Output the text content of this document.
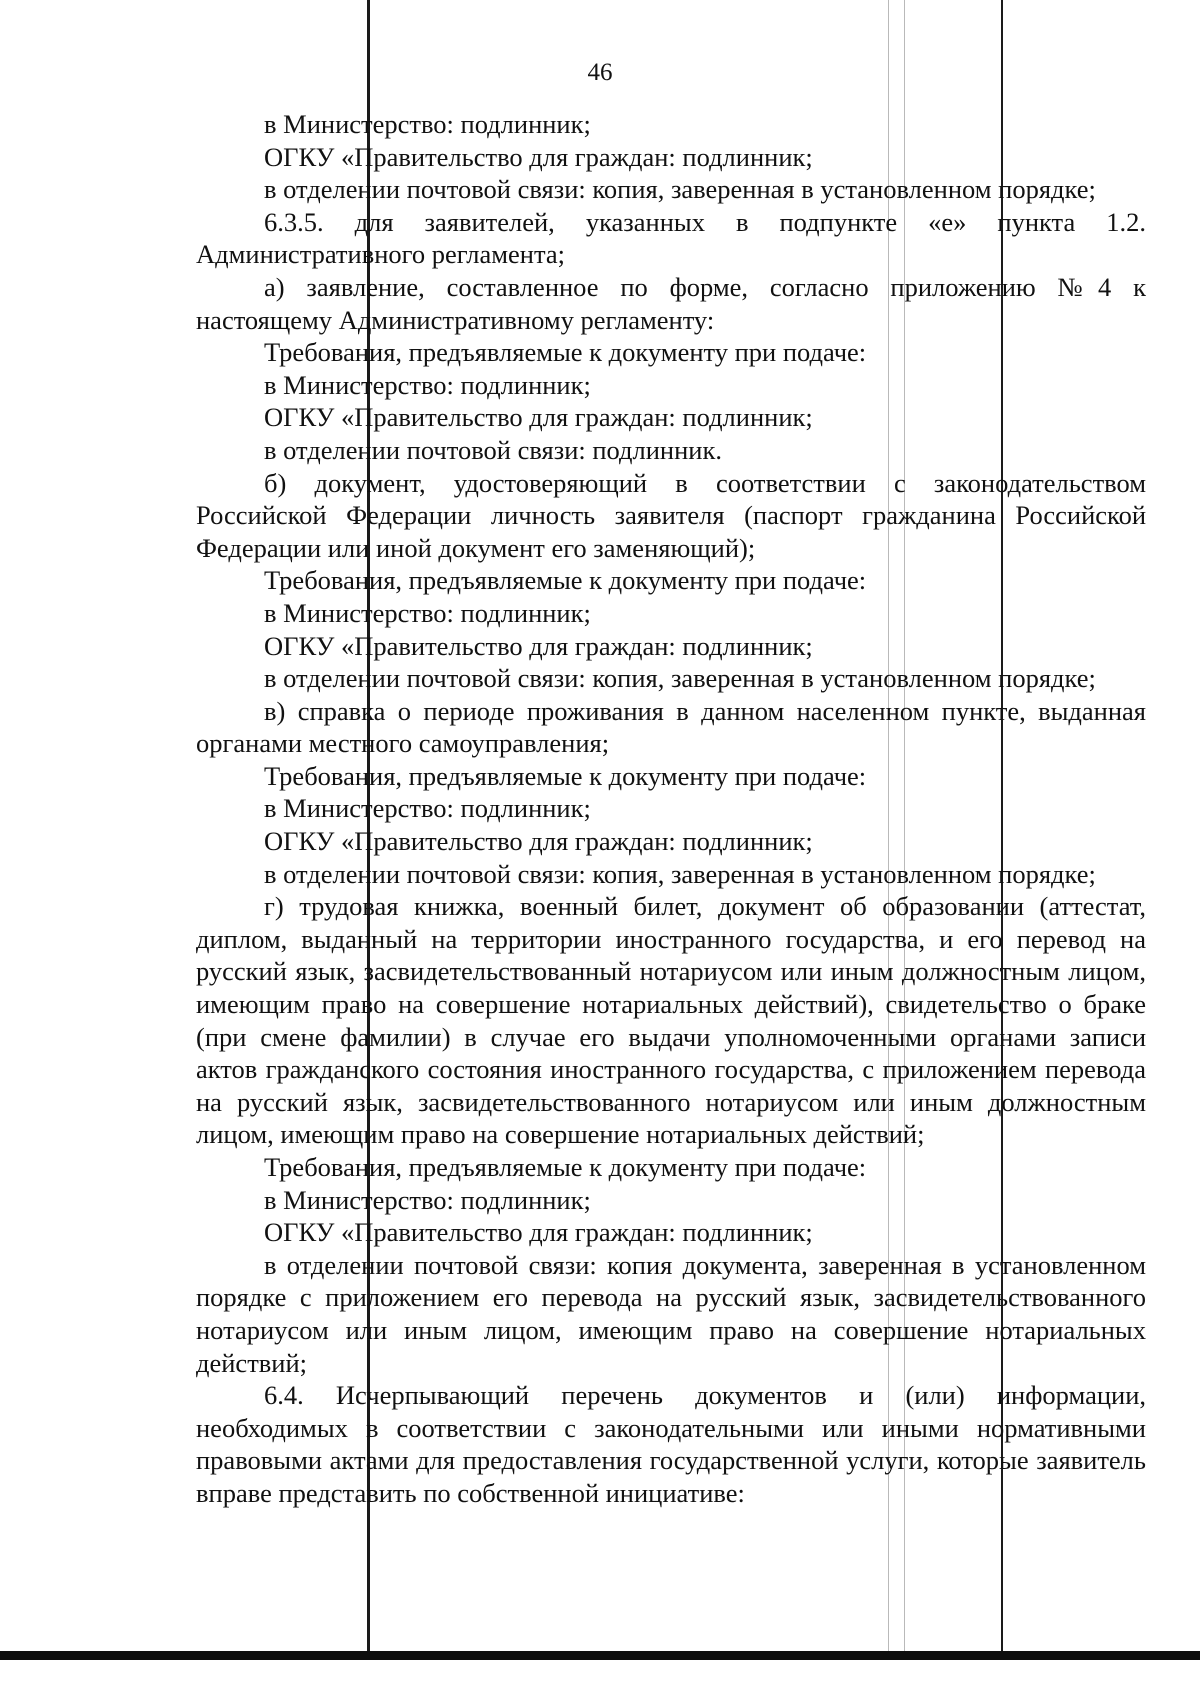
46

в Министерство: подлинник;

ОГКУ «Правительство для граждан: подлинник;

в отделении почтовой связи: копия, заверенная в установленном порядке;

6.3.5. для заявителей, указанных в подпункте «е» пункта 1.2. Административного регламента;

а) заявление, составленное по форме, согласно приложению №4 к настоящему Административному регламенту:

Требования, предъявляемые к документу при подаче:

в Министерство: подлинник;

ОГКУ «Правительство для граждан: подлинник;

в отделении почтовой связи: подлинник.

б) документ, удостоверяющий в соответствии с законодательством Российской Федерации личность заявителя (паспорт гражданина Российской Федерации или иной документ его заменяющий);

Требования, предъявляемые к документу при подаче:

в Министерство: подлинник;

ОГКУ «Правительство для граждан: подлинник;

в отделении почтовой связи: копия, заверенная в установленном порядке;

в) справка о периоде проживания в данном населенном пункте, выданная органами местного самоуправления;

Требования, предъявляемые к документу при подаче:

в Министерство: подлинник;

ОГКУ «Правительство для граждан: подлинник;

в отделении почтовой связи: копия, заверенная в установленном порядке;

г) трудовая книжка, военный билет, документ об образовании (аттестат, диплом, выданный на территории иностранного государства, и его перевод на русский язык, засвидетельствованный нотариусом или иным должностным лицом, имеющим право на совершение нотариальных действий), свидетельство о браке (при смене фамилии) в случае его выдачи уполномоченными органами записи актов гражданского состояния иностранного государства, с приложением перевода на русский язык, засвидетельствованного нотариусом или иным должностным лицом, имеющим право на совершение нотариальных действий;

Требования, предъявляемые к документу при подаче:

в Министерство: подлинник;

ОГКУ «Правительство для граждан: подлинник;

в отделении почтовой связи: копия документа, заверенная в установленном порядке с приложением его перевода на русский язык, засвидетельствованного нотариусом или иным лицом, имеющим право на совершение нотариальных действий;

6.4. Исчерпывающий перечень документов и (или) информации, необходимых в соответствии с законодательными или иными нормативными правовыми актами для предоставления государственной услуги, которые заявитель вправе представить по собственной инициативе:
